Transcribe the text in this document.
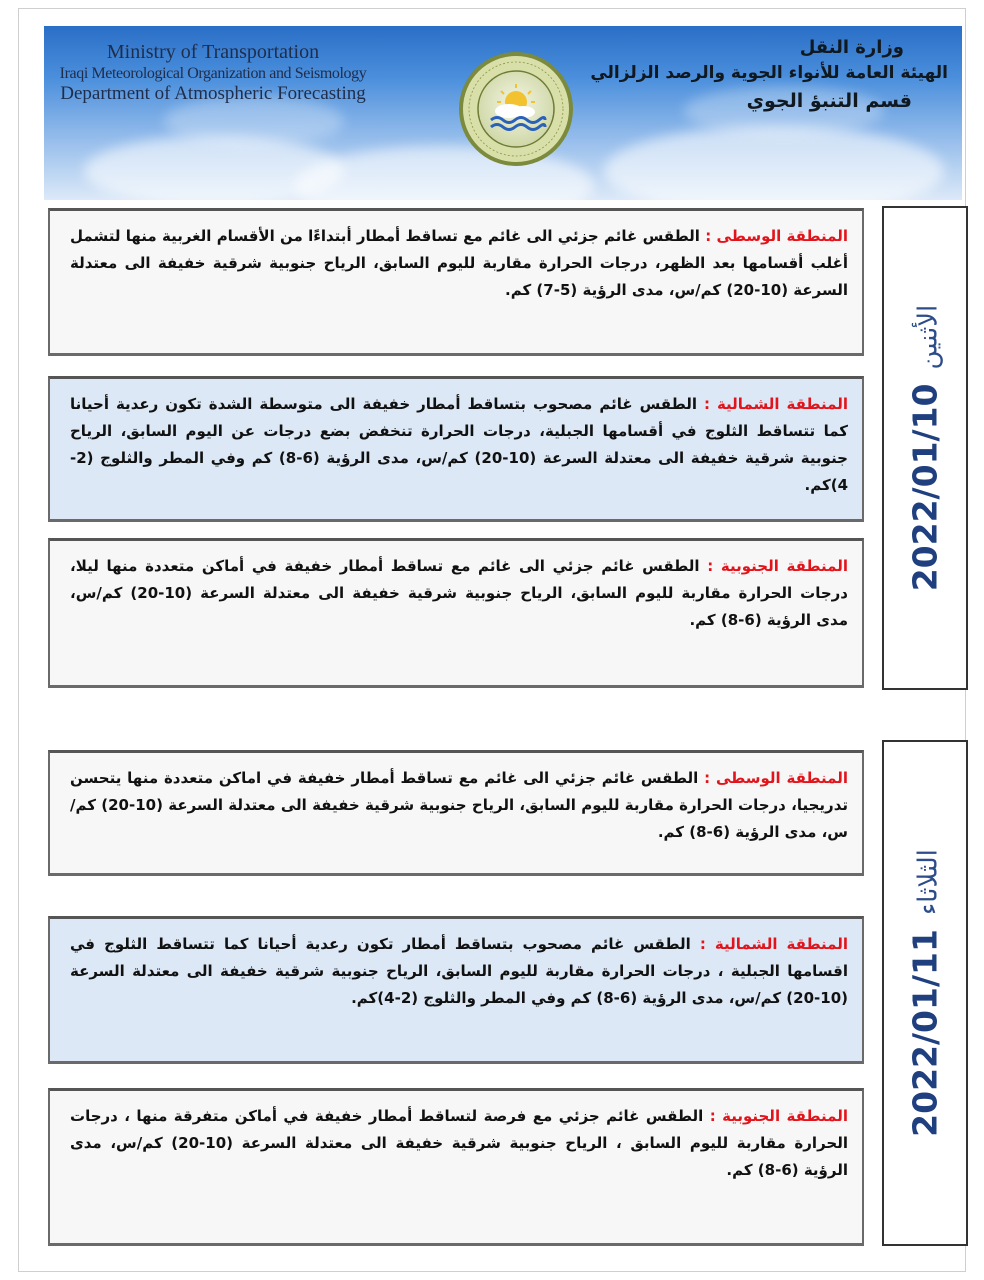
Ministry of Transportation
Iraqi Meteorological Organization and Seismology
Department of Atmospheric Forecasting
وزارة النقل
الهيئة العامة للأنواء الجوية والرصد الزلزالي
قسم التنبؤ الجوي
المنطقة الوسطى : الطقس غائم جزئي الى غائم مع تساقط أمطار أبتداءًا من الأقسام الغربية منها لتشمل أغلب أقسامها بعد الظهر، درجات الحرارة مقاربة لليوم السابق، الرياح جنوبية شرقية خفيفة الى معتدلة السرعة (10-20) كم/س، مدى الرؤية (5-7) كم.
المنطقة الشمالية : الطقس غائم مصحوب بتساقط أمطار خفيفة الى متوسطة الشدة تكون رعدية أحيانا كما تتساقط الثلوج في أقسامها الجبلية، درجات الحرارة تنخفض بضع درجات عن اليوم السابق، الرياح جنوبية شرقية خفيفة الى معتدلة السرعة (10-20) كم/س، مدى الرؤية (6-8) كم وفي المطر والثلوج (2-4)كم.
المنطقة الجنوبية : الطقس غائم جزئي الى غائم مع تساقط أمطار خفيفة في أماكن متعددة منها ليلا، درجات الحرارة مقاربة لليوم السابق، الرياح جنوبية شرقية خفيفة الى معتدلة السرعة (10-20) كم/س، مدى الرؤية (6-8) كم.
2022/01/10الأثنين
المنطقة الوسطى : الطقس غائم جزئي الى غائم مع تساقط أمطار خفيفة في اماكن متعددة منها يتحسن تدريجيا، درجات الحرارة مقاربة لليوم السابق، الرياح جنوبية شرقية خفيفة الى معتدلة السرعة (10-20) كم/س، مدى الرؤية (6-8) كم.
المنطقة الشمالية : الطقس غائم مصحوب بتساقط أمطار تكون رعدية أحيانا كما تتساقط الثلوج في اقسامها الجبلية ، درجات الحرارة مقاربة لليوم السابق، الرياح جنوبية شرقية خفيفة الى معتدلة السرعة (10-20) كم/س، مدى الرؤية (6-8) كم وفي المطر والثلوج (2-4)كم.
المنطقة الجنوبية : الطقس غائم جزئي مع فرصة لتساقط أمطار خفيفة في أماكن متفرقة منها ، درجات الحرارة مقاربة لليوم السابق ، الرياح جنوبية شرقية خفيفة الى معتدلة السرعة (10-20) كم/س، مدى الرؤية (6-8) كم.
2022/01/11الثلاثاء
